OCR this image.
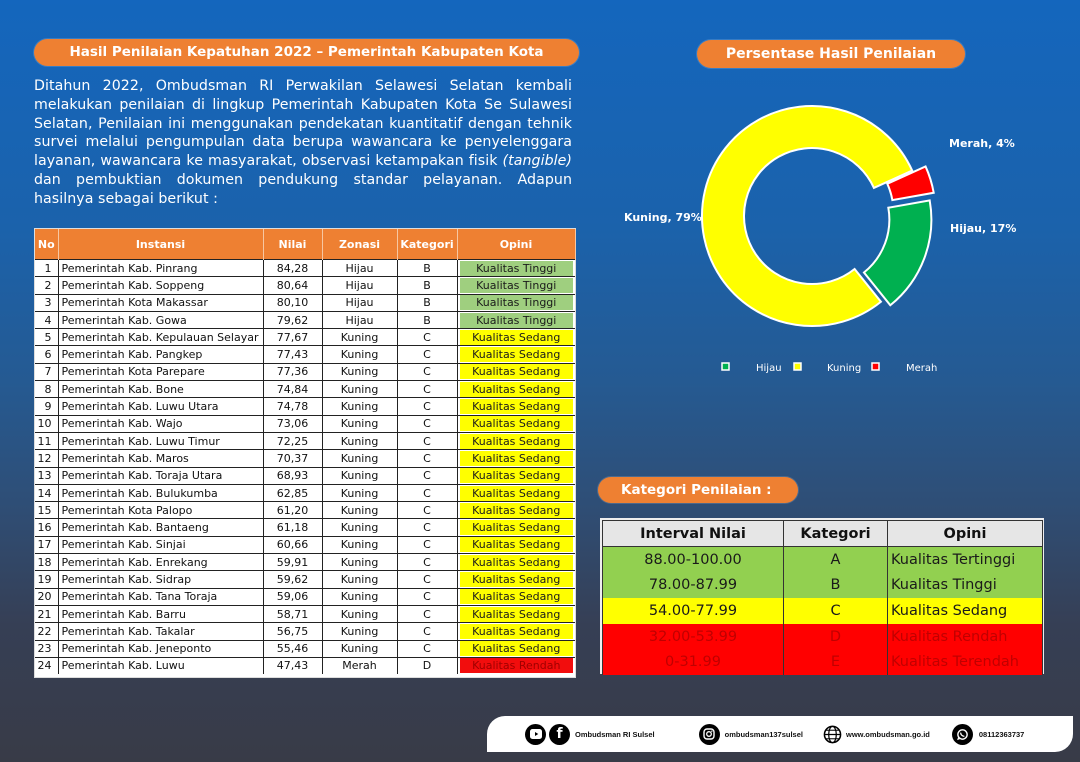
Hasil Penilaian Kepatuhan 2022 – Pemerintah Kabupaten Kota	Persentase Hasil Penilaian
Ditahun 2022, Ombudsman RI Perwakilan Selawesi Selatan kembali melakukan penilaian di lingkup Pemerintah Kabupaten Kota Se Sulawesi Selatan, Penilaian ini menggunakan pendekatan kuantitatif dengan tehnik survei melalui pengumpulan data berupa wawancara ke penyelenggara layanan, wawancara ke masyarakat, observasi ketampakan fisik (tangible) dan pembuktian dokumen pendukung standar pelayanan. Adapun hasilnya sebagai berikut :
No	Instansi	Nilai	Zonasi	Kategori	Opini
1	Pemerintah Kab. Pinrang	84,28	Hijau	B	Kualitas Tinggi

2	Pemerintah Kab. Soppeng	80,64	Hijau	B	Kualitas Tinggi

3	Pemerintah Kota Makassar	80,10	Hijau	B	Kualitas Tinggi

4	Pemerintah Kab. Gowa	79,62	Hijau	B	Kualitas Tinggi

5	Pemerintah Kab. Kepulauan Selayar	77,67	Kuning	C	Kualitas Sedang

6	Pemerintah Kab. Pangkep	77,43	Kuning	C	Kualitas Sedang

7	Pemerintah Kota Parepare	77,36	Kuning	C	Kualitas Sedang

8	Pemerintah Kab. Bone	74,84	Kuning	C	Kualitas Sedang

9	Pemerintah Kab. Luwu Utara	74,78	Kuning	C	Kualitas Sedang

10	Pemerintah Kab. Wajo	73,06	Kuning	C	Kualitas Sedang

11	Pemerintah Kab. Luwu Timur	72,25	Kuning	C	Kualitas Sedang

12	Pemerintah Kab. Maros	70,37	Kuning	C	Kualitas Sedang

13	Pemerintah Kab. Toraja Utara	68,93	Kuning	C	Kualitas Sedang

14	Pemerintah Kab. Bulukumba	62,85	Kuning	C	Kualitas Sedang

15	Pemerintah Kota Palopo	61,20	Kuning	C	Kualitas Sedang

16	Pemerintah Kab. Bantaeng	61,18	Kuning	C	Kualitas Sedang

17	Pemerintah Kab. Sinjai	60,66	Kuning	C	Kualitas Sedang

18	Pemerintah Kab. Enrekang	59,91	Kuning	C	Kualitas Sedang

19	Pemerintah Kab. Sidrap	59,62	Kuning	C	Kualitas Sedang

20	Pemerintah Kab. Tana Toraja	59,06	Kuning	C	Kualitas Sedang

21	Pemerintah Kab. Barru	58,71	Kuning	C	Kualitas Sedang

22	Pemerintah Kab. Takalar	56,75	Kuning	C	Kualitas Sedang

23	Pemerintah Kab. Jeneponto	55,46	Kuning	C	Kualitas Sedang

24	Pemerintah Kab. Luwu	47,43	Merah	D	Kualitas Rendah
Kuning, 79%
Hijau, 17%
Merah, 4%
Hijau	Kuning	Merah
Kategori Penilaian :
Interval Nilai	Kategori	Opini
88.00-100.00	A	Kualitas Tertinggi
78.00-87.99	B	Kualitas Tinggi
54.00-77.99	C	Kualitas Sedang
32.00-53.99	D	Kualitas Rendah
0-31.99	E	Kualitas Terendah
f	Ombudsman RI Sulsel	ombudsman137sulsel	www.ombudsman.go.id	08112363737
